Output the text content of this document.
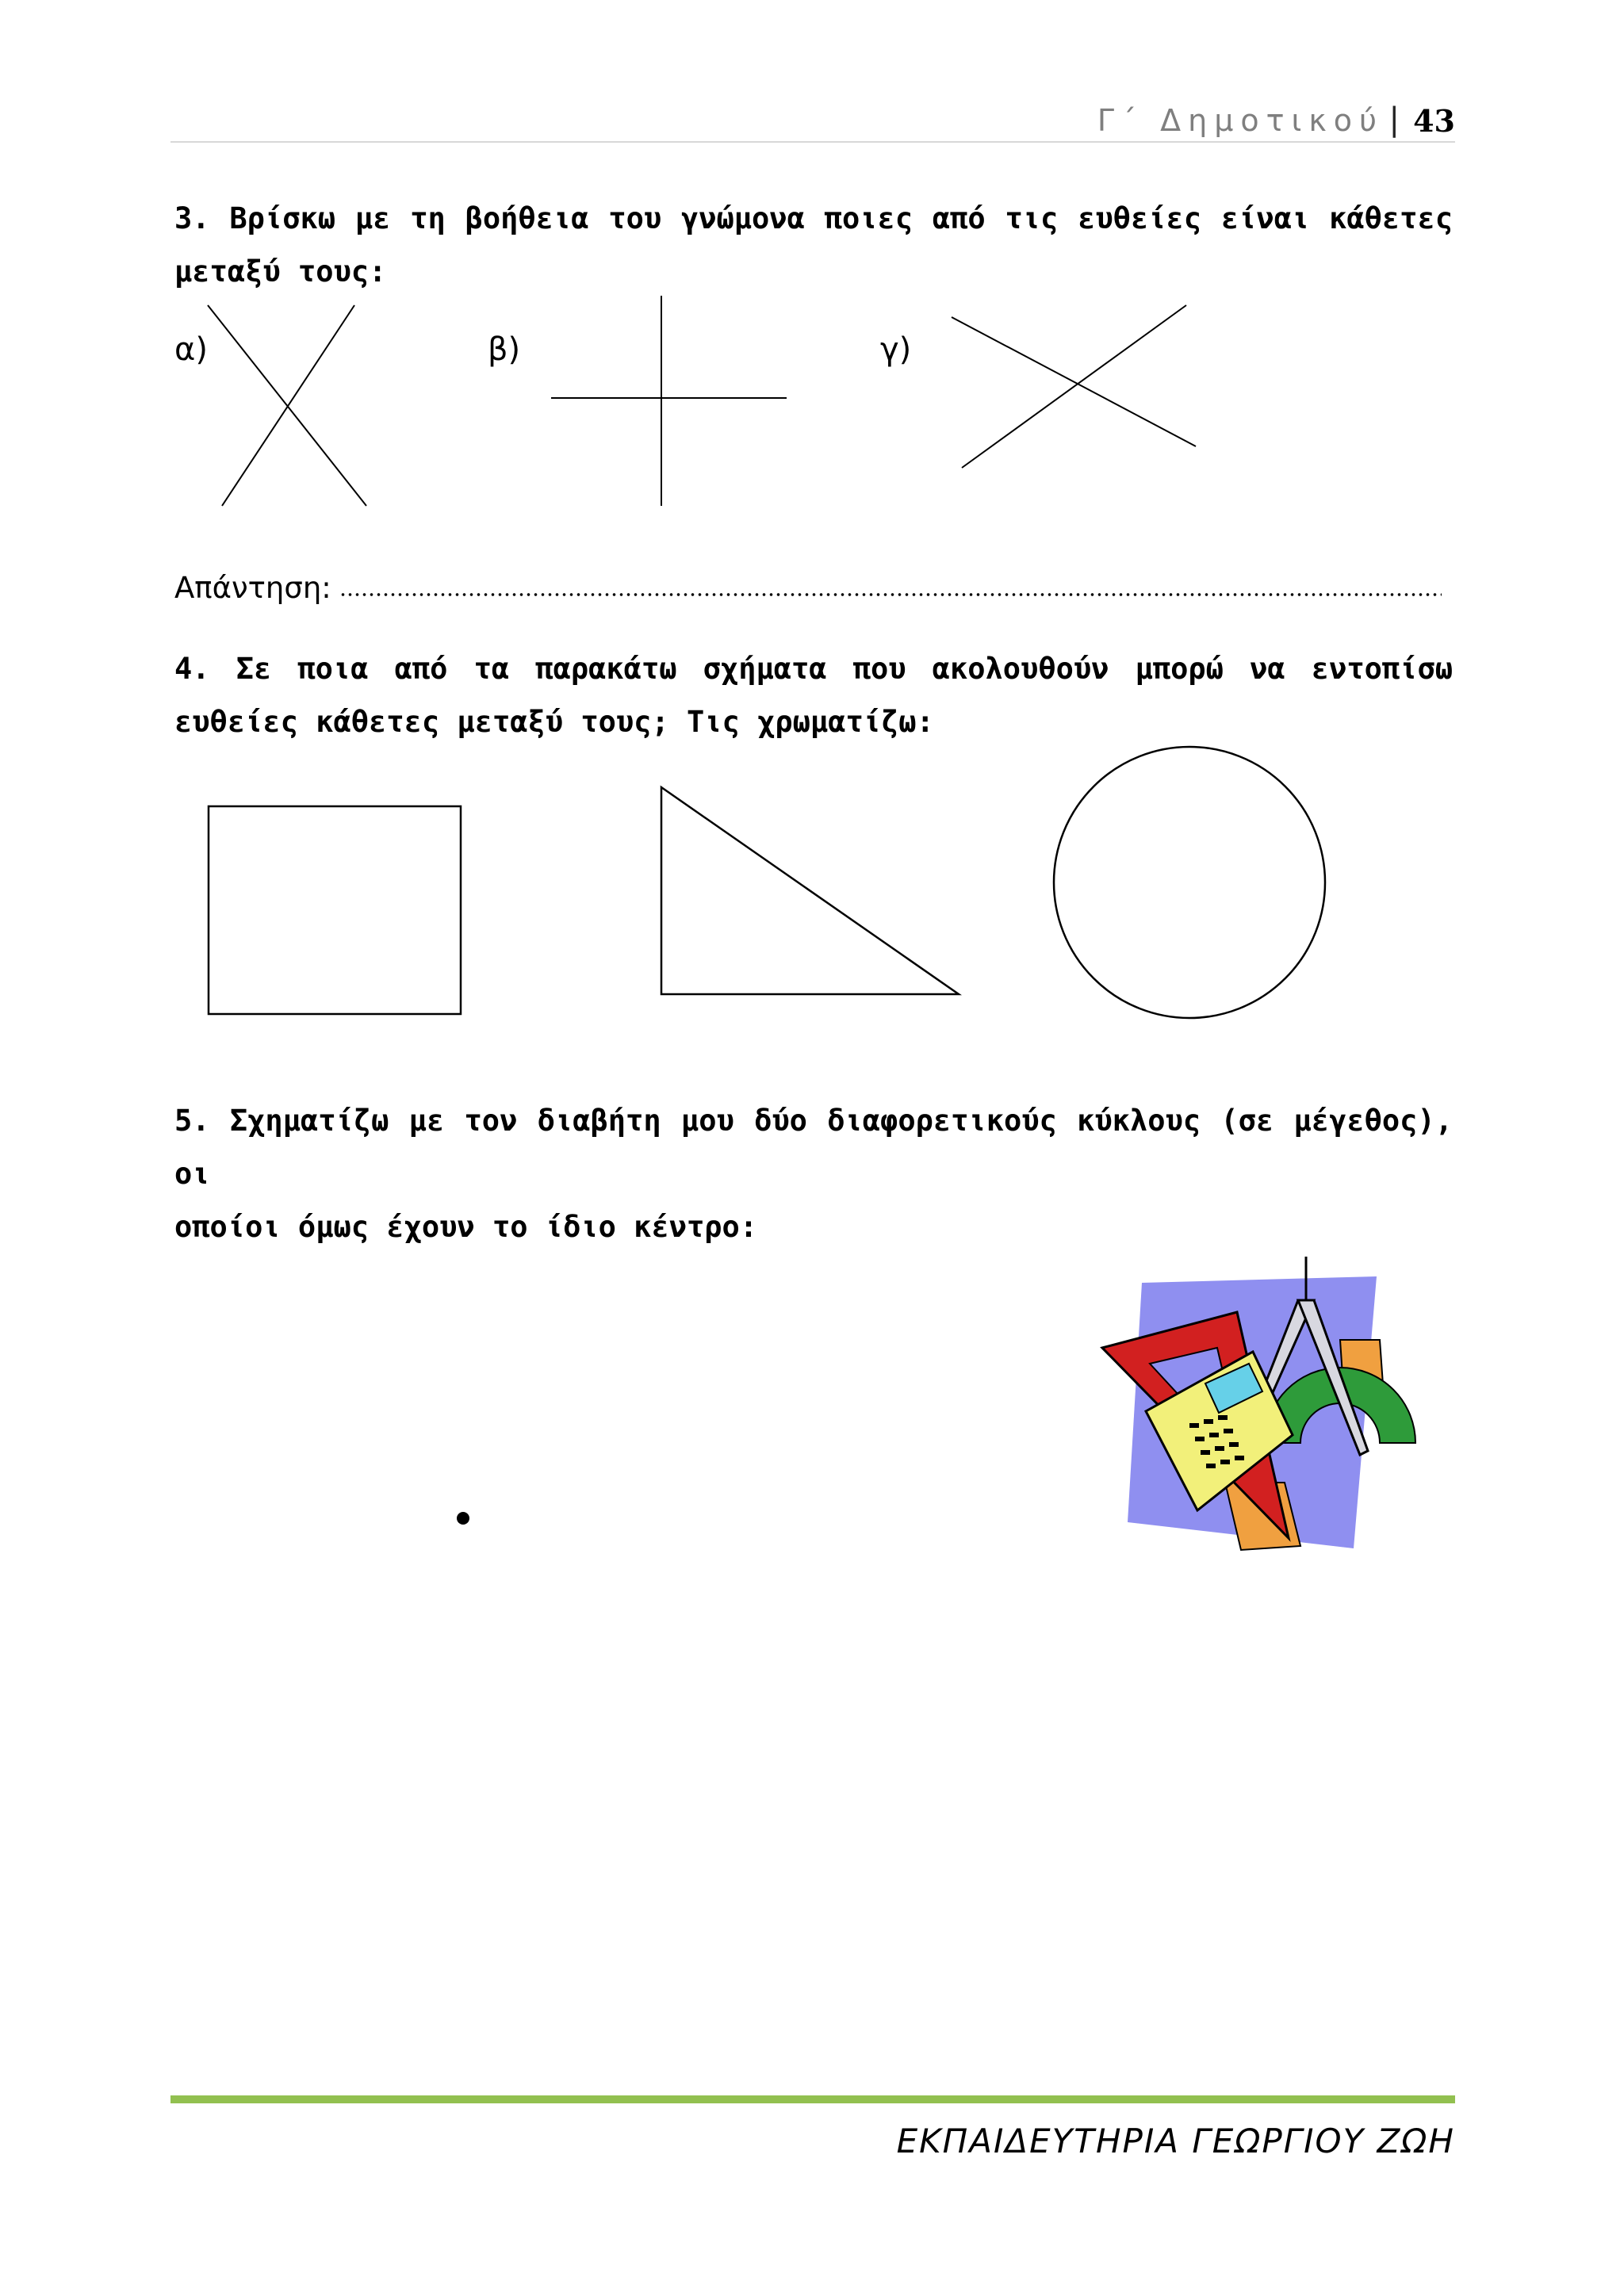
Γ΄ Δημοτικού | 43
3. Βρίσκω με τη βοήθεια του γνώμονα ποιες από τις ευθείες είναι κάθετες
μεταξύ τους:
α)	β)	γ)
Απάντηση:
4. Σε ποια από τα παρακάτω σχήματα που ακολουθούν μπορώ να εντοπίσω
ευθείες κάθετες μεταξύ τους; Τις χρωματίζω:
5. Σχηματίζω με τον διαβήτη μου δύο διαφορετικούς κύκλους (σε μέγεθος), οι
οποίοι όμως έχουν το ίδιο κέντρο:
ΕΚΠΑΙΔΕΥΤΗΡΙΑ ΓΕΩΡΓΙΟΥ ΖΩΗ
